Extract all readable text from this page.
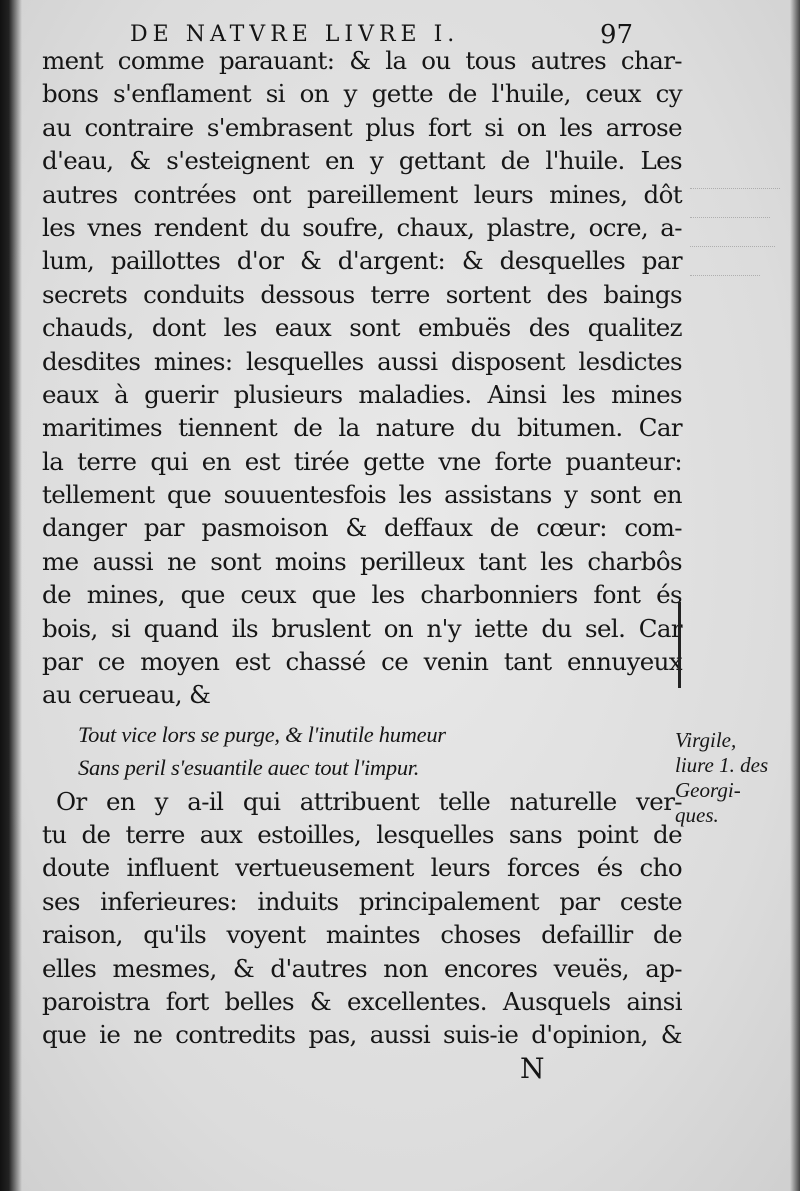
DE NATVRE LIVRE I.	97
ment comme parauant: & la ou tous autres char-
bons s'enflament si on y gette de l'huile, ceux cy
au contraire s'embrasent plus fort si on les arrose
d'eau, & s'esteignent en y gettant de l'huile. Les
autres contrées ont pareillement leurs mines, dôt
les vnes rendent du soufre, chaux, plastre, ocre, a-
lum, paillottes d'or & d'argent: & desquelles par
secrets conduits dessous terre sortent des baings
chauds, dont les eaux sont embuës des qualitez
desdites mines: lesquelles aussi disposent lesdictes
eaux à guerir plusieurs maladies. Ainsi les mines
maritimes tiennent de la nature du bitumen. Car
la terre qui en est tirée gette vne forte puanteur:
tellement que souuentesfois les assistans y sont en
danger par pasmoison & deffaux de cœur: com-
me aussi ne sont moins perilleux tant les charbôs
de mines, que ceux que les charbonniers font és
bois, si quand ils bruslent on n'y iette du sel. Car
par ce moyen est chassé ce venin tant ennuyeux
au cerueau, &
Tout vice lors se purge, & l'inutile humeur
Sans peril s'esuantile auec tout l'impur.
Or en y a-il qui attribuent telle naturelle ver-
tu de terre aux estoilles, lesquelles sans point de
doute influent vertueusement leurs forces és cho
ses inferieures: induits principalement par ceste
raison, qu'ils voyent maintes choses defaillir de
elles mesmes, & d'autres non encores veuës, ap-
paroistra fort belles & excellentes. Ausquels ainsi
que ie ne contredits pas, aussi suis-ie d'opinion, &
Virgile,
liure 1. des
Georgi-
ques.
N
